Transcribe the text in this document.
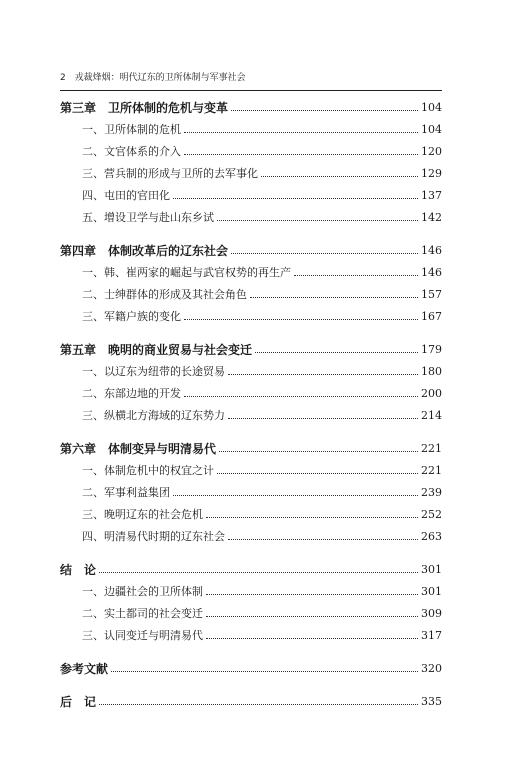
2 戎裁烽烟：明代辽东的卫所体制与军事社会
第三章　卫所体制的危机与变革	104
一、卫所体制的危机	104
二、文官体系的介入	120
三、营兵制的形成与卫所的去军事化	129
四、屯田的官田化	137
五、增设卫学与赴山东乡试	142
第四章　体制改革后的辽东社会	146
一、韩、崔两家的崛起与武官权势的再生产	146
二、士绅群体的形成及其社会角色	157
三、军籍户族的变化	167
第五章　晚明的商业贸易与社会变迁	179
一、以辽东为纽带的长途贸易	180
二、东部边地的开发	200
三、纵横北方海域的辽东势力	214
第六章　体制变异与明清易代	221
一、体制危机中的权宜之计	221
二、军事利益集团	239
三、晚明辽东的社会危机	252
四、明清易代时期的辽东社会	263
结　论	301
一、边疆社会的卫所体制	301
二、实土都司的社会变迁	309
三、认同变迁与明清易代	317
参考文献	320
后　记	335
